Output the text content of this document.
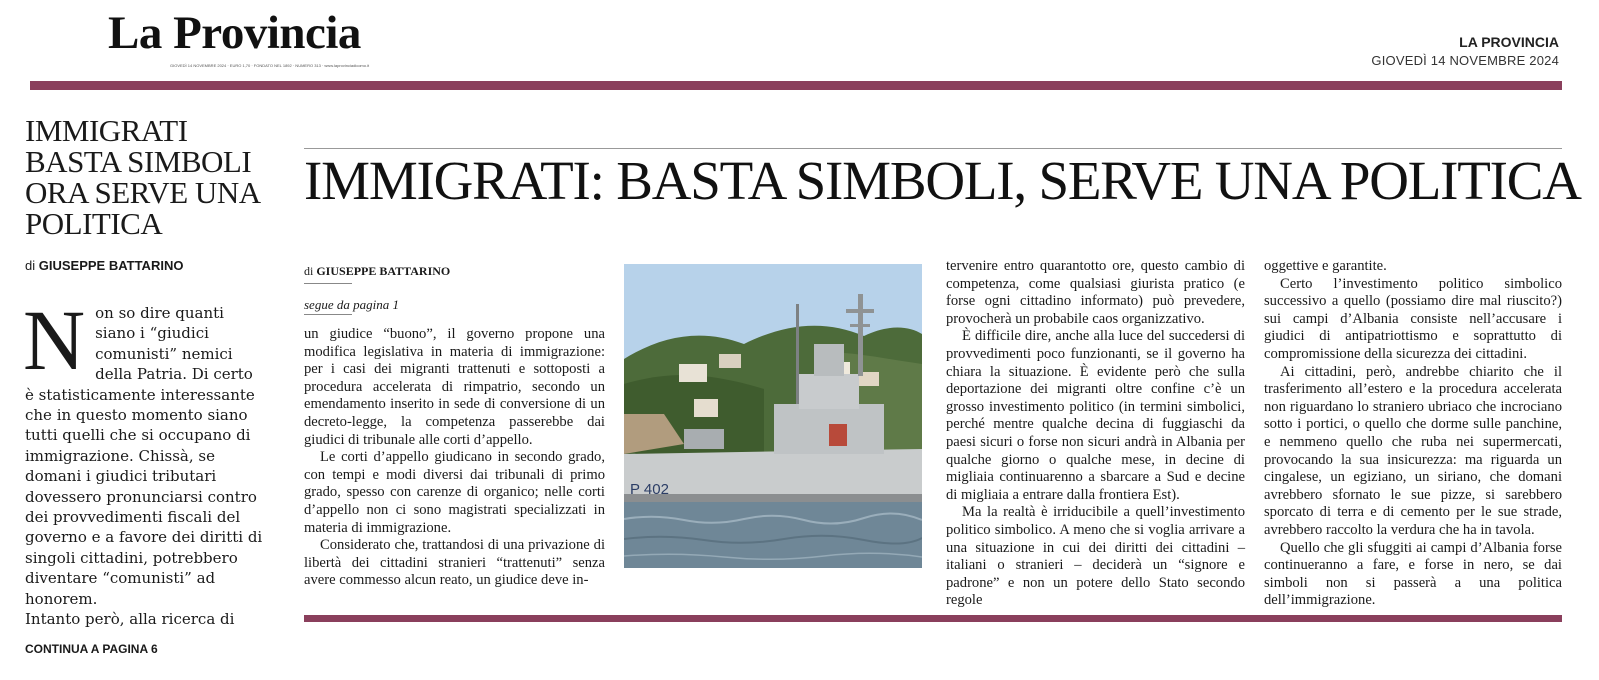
La Provincia
GIOVEDÌ 14 NOVEMBRE 2024 · EURO 1,70 · FONDATO NEL 1892 · NUMERO 313 · www.laprovinciadicomo.it
LA PROVINCIA
GIOVEDÌ 14 NOVEMBRE 2024
IMMIGRATI BASTA SIMBOLI ORA SERVE UNA POLITICA
di GIUSEPPE BATTARINO
N on so dire quanti siano i “giudici comunisti” nemici della Patria. Di certo è statisticamente interessante che in questo momento siano tutti quelli che si occupano di immigrazione. Chissà, se domani i giudici tributari dovessero pronunciarsi contro dei provvedimenti fiscali del governo e a favore dei diritti di singoli cittadini, potrebbero diventare “comunisti” ad honorem.

Intanto però, alla ricerca di

CONTINUA A PAGINA 6
IMMIGRATI: BASTA SIMBOLI, SERVE UNA POLITICA
di GIUSEPPE BATTARINO
segue da pagina 1

un giudice “buono”, il governo propone una modifica legislativa in materia di immigrazione: per i casi dei migranti trattenuti e sottoposti a procedura accelerata di rimpatrio, secondo un emendamento inserito in sede di conversione di un decreto-legge, la competenza passerebbe dai giudici di tribunale alle corti d’appello.

Le corti d’appello giudicano in secondo grado, con tempi e modi diversi dai tribunali di primo grado, spesso con carenze di organico; nelle corti d’appello non ci sono magistrati specializzati in materia di immigrazione.

Considerato che, trattandosi di una privazione di libertà dei cittadini stranieri “trattenuti” senza avere commesso alcun reato, un giudice deve in-

P 402

tervenire entro quarantotto ore, questo cambio di competenza, come qualsiasi giurista pratico (e forse ogni cittadino informato) può prevedere, provocherà un probabile caos organizzativo.

È difficile dire, anche alla luce del succedersi di provvedimenti poco funzionanti, se il governo ha chiara la situazione. È evidente però che sulla deportazione dei migranti oltre confine c’è un grosso investimento politico (in termini simbolici, perché mentre qualche decina di fuggiaschi da paesi sicuri o forse non sicuri andrà in Albania per qualche giorno o qualche mese, in decine di migliaia continuarenno a sbarcare a Sud e decine di migliaia a entrare dalla frontiera Est).

Ma la realtà è irriducibile a quell’investimento politico simbolico. A meno che si voglia arrivare a una situazione in cui dei diritti dei cittadini – italiani o stranieri – deciderà un “signore e padrone” e non un potere dello Stato secondo regole

oggettive e garantite.

Certo l’investimento politico simbolico successivo a quello (possiamo dire mal riuscito?) sui campi d’Albania consiste nell’accusare i giudici di antipatriottismo e soprattutto di compromissione della sicurezza dei cittadini.

Ai cittadini, però, andrebbe chiarito che il trasferimento all’estero e la procedura accelerata non riguardano lo straniero ubriaco che incrociano sotto i portici, o quello che dorme sulle panchine, e nemmeno quello che ruba nei supermercati, provocando la sua insicurezza: ma riguarda un cingalese, un egiziano, un siriano, che domani avrebbero sfornato le sue pizze, si sarebbero sporcato di terra e di cemento per le sue strade, avrebbero raccolto la verdura che ha in tavola.

Quello che gli sfuggiti ai campi d’Albania forse continueranno a fare, e forse in nero, se dai simboli non si passerà a una politica dell’immigrazione.
